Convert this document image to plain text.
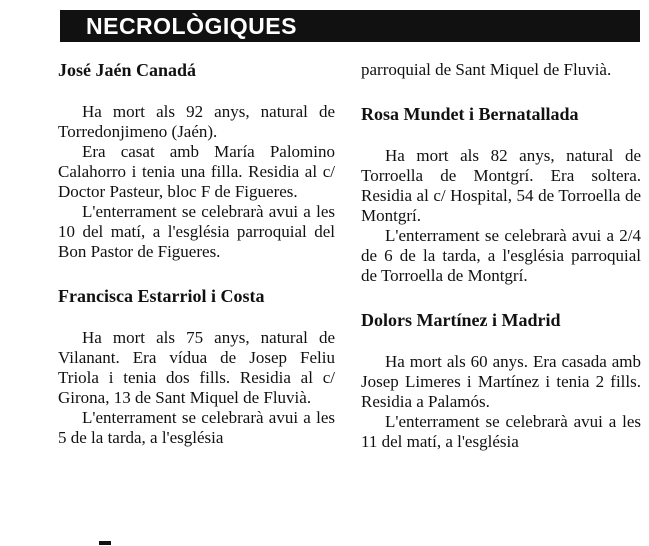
NECROLÒGIQUES
José Jaén Canadá

Ha mort als 92 anys, natural de Torredonjimeno (Jaén).

Era casat amb María Palomino Calahorro i tenia una filla. Residia al c/ Doctor Pasteur, bloc F de Figueres.

L'enterrament se celebrarà avui a les 10 del matí, a l'església parroquial del Bon Pastor de Figueres.

Francisca Estarriol i Costa

Ha mort als 75 anys, natural de Vilanant. Era vídua de Josep Feliu Triola i tenia dos fills. Residia al c/ Girona, 13 de Sant Miquel de Fluvià.

L'enterrament se celebrarà avui a les 5 de la tarda, a l'església

parroquial de Sant Miquel de Fluvià.

Rosa Mundet i Bernatallada

Ha mort als 82 anys, natural de Torroella de Montgrí. Era soltera. Residia al c/ Hospital, 54 de Torroella de Montgrí.

L'enterrament se celebrarà avui a 2/4 de 6 de la tarda, a l'església parroquial de Torroella de Montgrí.

Dolors Martínez i Madrid

Ha mort als 60 anys. Era casada amb Josep Limeres i Martínez i tenia 2 fills. Residia a Palamós.

L'enterrament se celebrarà avui a les 11 del matí, a l'església
